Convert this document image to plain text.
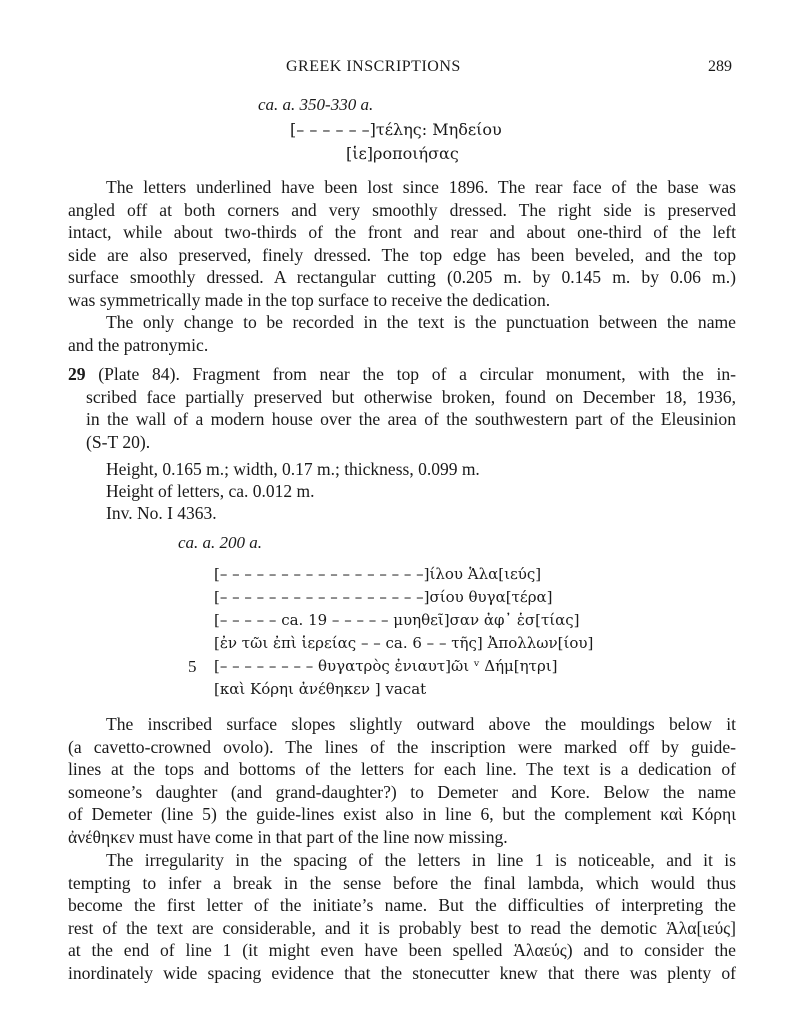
GREEK INSCRIPTIONS	289
ca. a. 350-330 a.
[– – – – – –]τέλης: Μηδείου
[ἱε]ροποιήσας
The letters underlined have been lost since 1896. The rear face of the base was
angled off at both corners and very smoothly dressed. The right side is preserved
intact, while about two-thirds of the front and rear and about one-third of the left
side are also preserved, finely dressed. The top edge has been beveled, and the top
surface smoothly dressed. A rectangular cutting (0.205 m. by 0.145 m. by 0.06 m.)
was symmetrically made in the top surface to receive the dedication.
The only change to be recorded in the text is the punctuation between the name
and the patronymic.
29 (Plate 84). Fragment from near the top of a circular monument, with the in-
scribed face partially preserved but otherwise broken, found on December 18, 1936,
in the wall of a modern house over the area of the southwestern part of the Eleusinion
(S-T 20).
Height, 0.165 m.; width, 0.17 m.; thickness, 0.099 m.
Height of letters, ca. 0.012 m.
Inv. No. I 4363.
ca. a. 200 a.
[– – – – – – – – – – – – – – – – –]ίλου Ἁλα[ιεύς]
[– – – – – – – – – – – – – – – – –]σίου θυγα[τέρα]
[– – – – – ca. 19 – – – – – μυηθεῖ]σαν ἀφ᾽ ἑσ[τίας]
[ἐν τῶι ἐπὶ ἱερείας – – ca. 6 – – τῆς] Ἀπολλων[ίου]
5 [– – – – – – – – θυγατρὸς ἐνιαυτ]ῶι ᵛ Δήμ[ητρι]
[καὶ Κόρηι ἀνέθηκεν ] vacat
The inscribed surface slopes slightly outward above the mouldings below it
(a cavetto-crowned ovolo). The lines of the inscription were marked off by guide-
lines at the tops and bottoms of the letters for each line. The text is a dedication of
someone’s daughter (and grand-daughter?) to Demeter and Kore. Below the name
of Demeter (line 5) the guide-lines exist also in line 6, but the complement καὶ Κόρηι
ἀνέθηκεν must have come in that part of the line now missing.
The irregularity in the spacing of the letters in line 1 is noticeable, and it is
tempting to infer a break in the sense before the final lambda, which would thus
become the first letter of the initiate’s name. But the difficulties of interpreting the
rest of the text are considerable, and it is probably best to read the demotic Ἁλα[ιεύς]
at the end of line 1 (it might even have been spelled Ἁλαεύς) and to consider the
inordinately wide spacing evidence that the stonecutter knew that there was plenty of
